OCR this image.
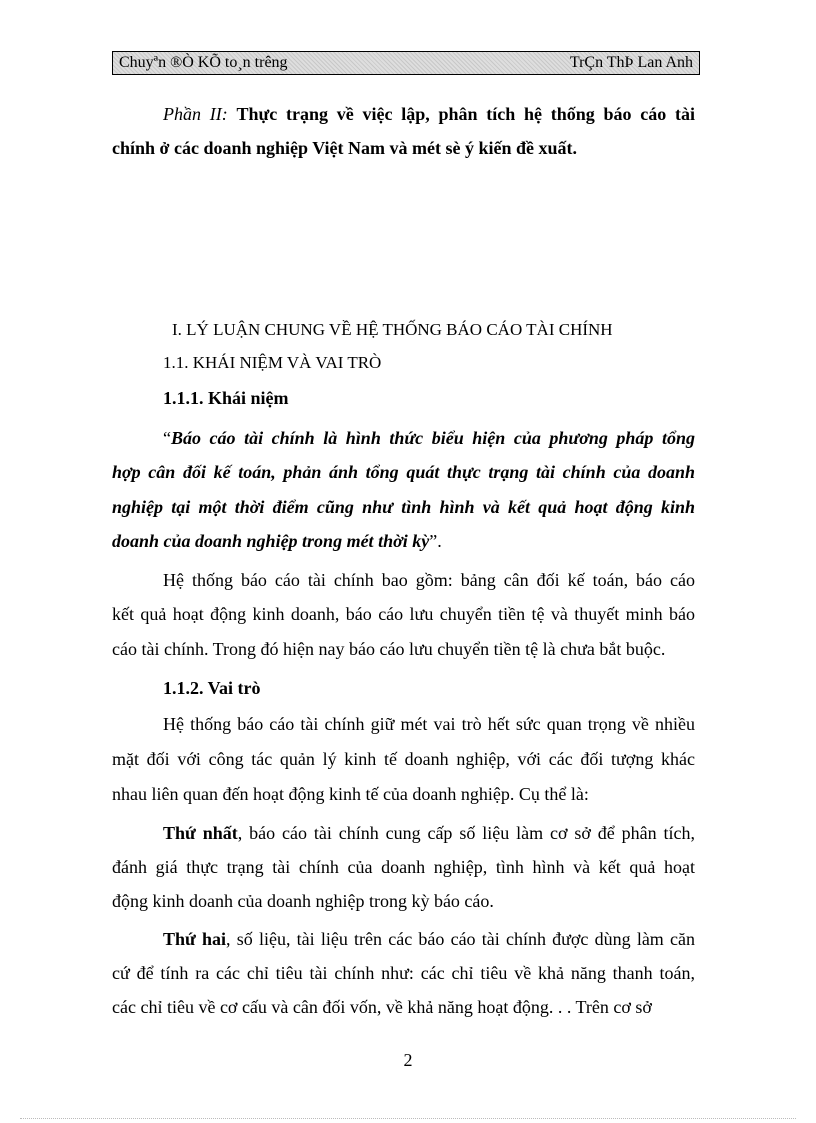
Chuyªn ®Ò KÕ to¸n trêng	TrÇn ThÞ Lan Anh
Phần II: Thực trạng về việc lập, phân tích hệ thống báo cáo tài
chính ở các doanh nghiệp Việt Nam và mét sè ý kiến đề xuất.
I. LÝ LUẬN CHUNG VỀ HỆ THỐNG BÁO CÁO TÀI CHÍNH
1.1. KHÁI NIỆM VÀ VAI TRÒ
1.1.1. Khái niệm
“Báo cáo tài chính là hình thức biểu hiện của phương pháp tổng
hợp cân đối kế toán, phản ánh tổng quát thực trạng tài chính của doanh
nghiệp tại một thời điểm cũng như tình hình và kết quả hoạt động kinh
doanh của doanh nghiệp trong mét thời kỳ”.
Hệ thống báo cáo tài chính bao gồm: bảng cân đối kế toán, báo cáo
kết quả hoạt động kinh doanh, báo cáo lưu chuyển tiền tệ và thuyết minh báo
cáo tài chính. Trong đó hiện nay báo cáo lưu chuyển tiền tệ là chưa bắt buộc.
1.1.2. Vai trò
Hệ thống báo cáo tài chính giữ mét vai trò hết sức quan trọng về nhiều
mặt đối với công tác quản lý kinh tế doanh nghiệp, với các đối tượng khác
nhau liên quan đến hoạt động kinh tế của doanh nghiệp. Cụ thể là:
Thứ nhất, báo cáo tài chính cung cấp số liệu làm cơ sở để phân tích,
đánh giá thực trạng tài chính của doanh nghiệp, tình hình và kết quả hoạt
động kinh doanh của doanh nghiệp trong kỳ báo cáo.
Thứ hai, số liệu, tài liệu trên các báo cáo tài chính được dùng làm căn
cứ để tính ra các chỉ tiêu tài chính như: các chỉ tiêu về khả năng thanh toán,
các chỉ tiêu về cơ cấu và cân đối vốn, về khả năng hoạt động. . . Trên cơ sở
2
